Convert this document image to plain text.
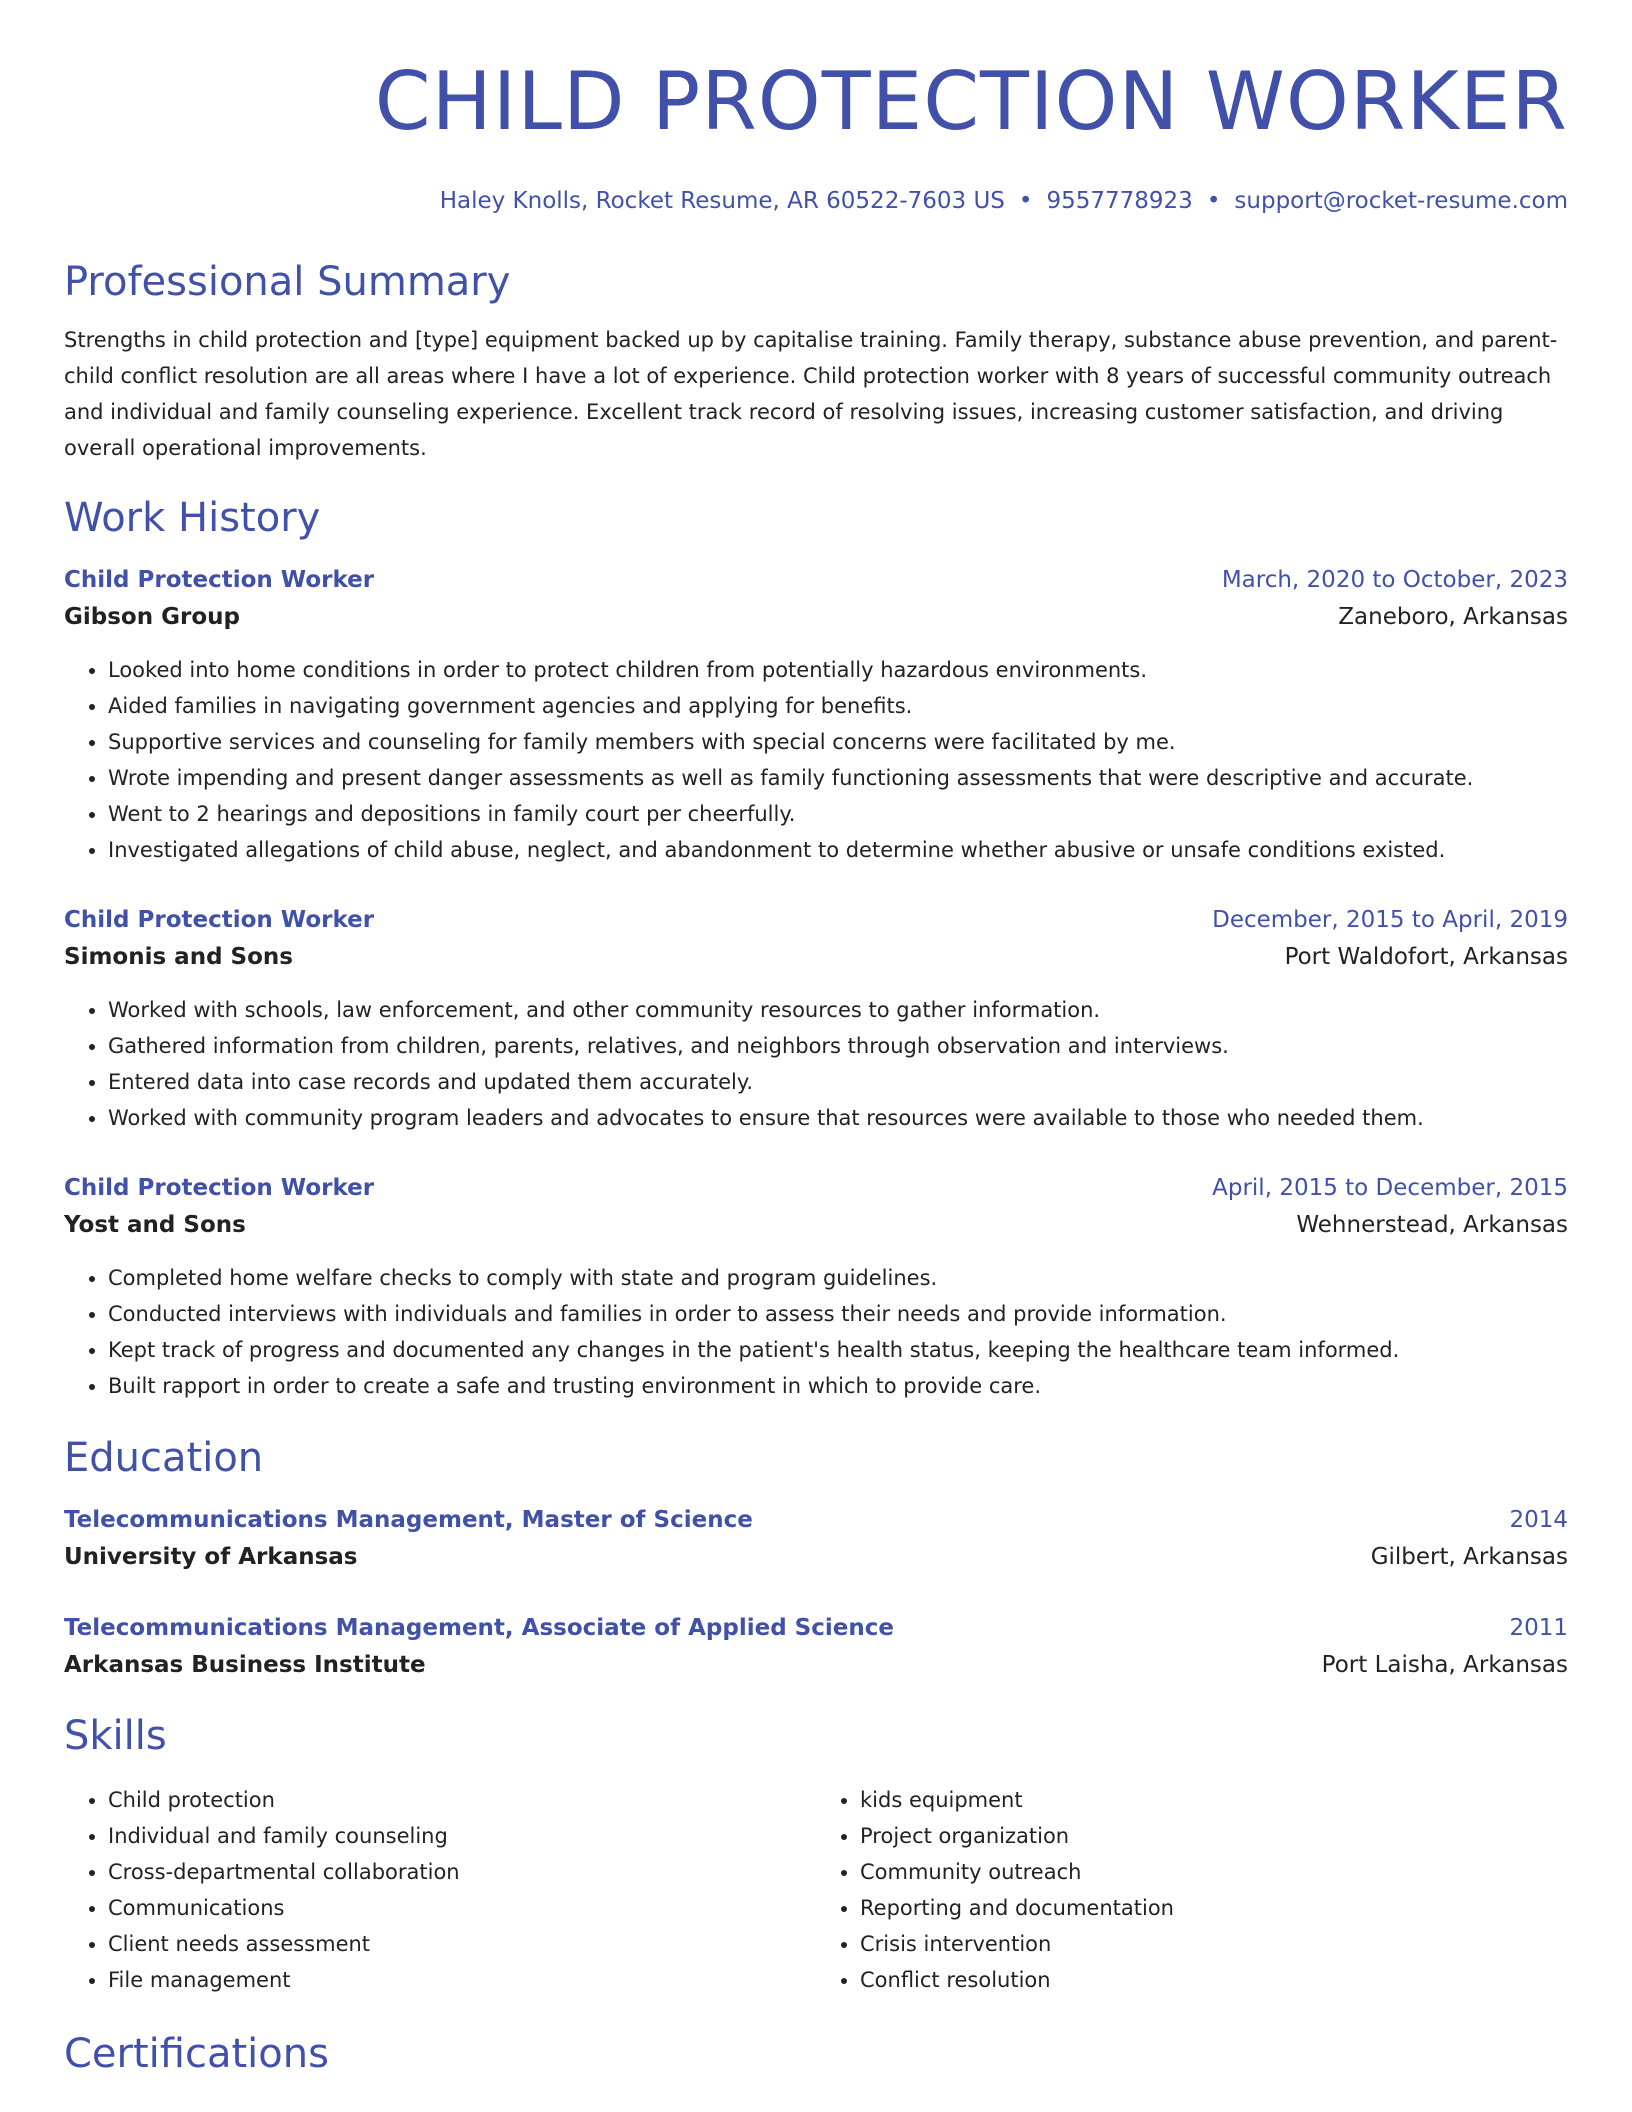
CHILD PROTECTION WORKER
Haley Knolls, Rocket Resume, AR 60522-7603 US • 9557778923 • support@rocket-resume.com
Professional Summary

Strengths in child protection and [type] equipment backed up by capitalise training. Family therapy, substance abuse prevention, and parent-child conflict resolution are all areas where I have a lot of experience. Child protection worker with 8 years of successful community outreach and individual and family counseling experience. Excellent track record of resolving issues, increasing customer satisfaction, and driving overall operational improvements.

Work History
Child Protection Worker	March, 2020 to October, 2023
Gibson Group	Zaneboro, Arkansas
• Looked into home conditions in order to protect children from potentially hazardous environments.
• Aided families in navigating government agencies and applying for benefits.
• Supportive services and counseling for family members with special concerns were facilitated by me.
• Wrote impending and present danger assessments as well as family functioning assessments that were descriptive and accurate.
• Went to 2 hearings and depositions in family court per cheerfully.
• Investigated allegations of child abuse, neglect, and abandonment to determine whether abusive or unsafe conditions existed.
Child Protection Worker	December, 2015 to April, 2019
Simonis and Sons	Port Waldofort, Arkansas
• Worked with schools, law enforcement, and other community resources to gather information.
• Gathered information from children, parents, relatives, and neighbors through observation and interviews.
• Entered data into case records and updated them accurately.
• Worked with community program leaders and advocates to ensure that resources were available to those who needed them.
Child Protection Worker	April, 2015 to December, 2015
Yost and Sons	Wehnerstead, Arkansas
• Completed home welfare checks to comply with state and program guidelines.
• Conducted interviews with individuals and families in order to assess their needs and provide information.
• Kept track of progress and documented any changes in the patient's health status, keeping the healthcare team informed.
• Built rapport in order to create a safe and trusting environment in which to provide care.
Education
Telecommunications Management, Master of Science	2014
University of Arkansas	Gilbert, Arkansas
Telecommunications Management, Associate of Applied Science	2011
Arkansas Business Institute	Port Laisha, Arkansas
Skills
• Child protection
• Individual and family counseling
• Cross-departmental collaboration
• Communications
• Client needs assessment
• File management
• kids equipment
• Project organization
• Community outreach
• Reporting and documentation
• Crisis intervention
• Conflict resolution
Certifications
